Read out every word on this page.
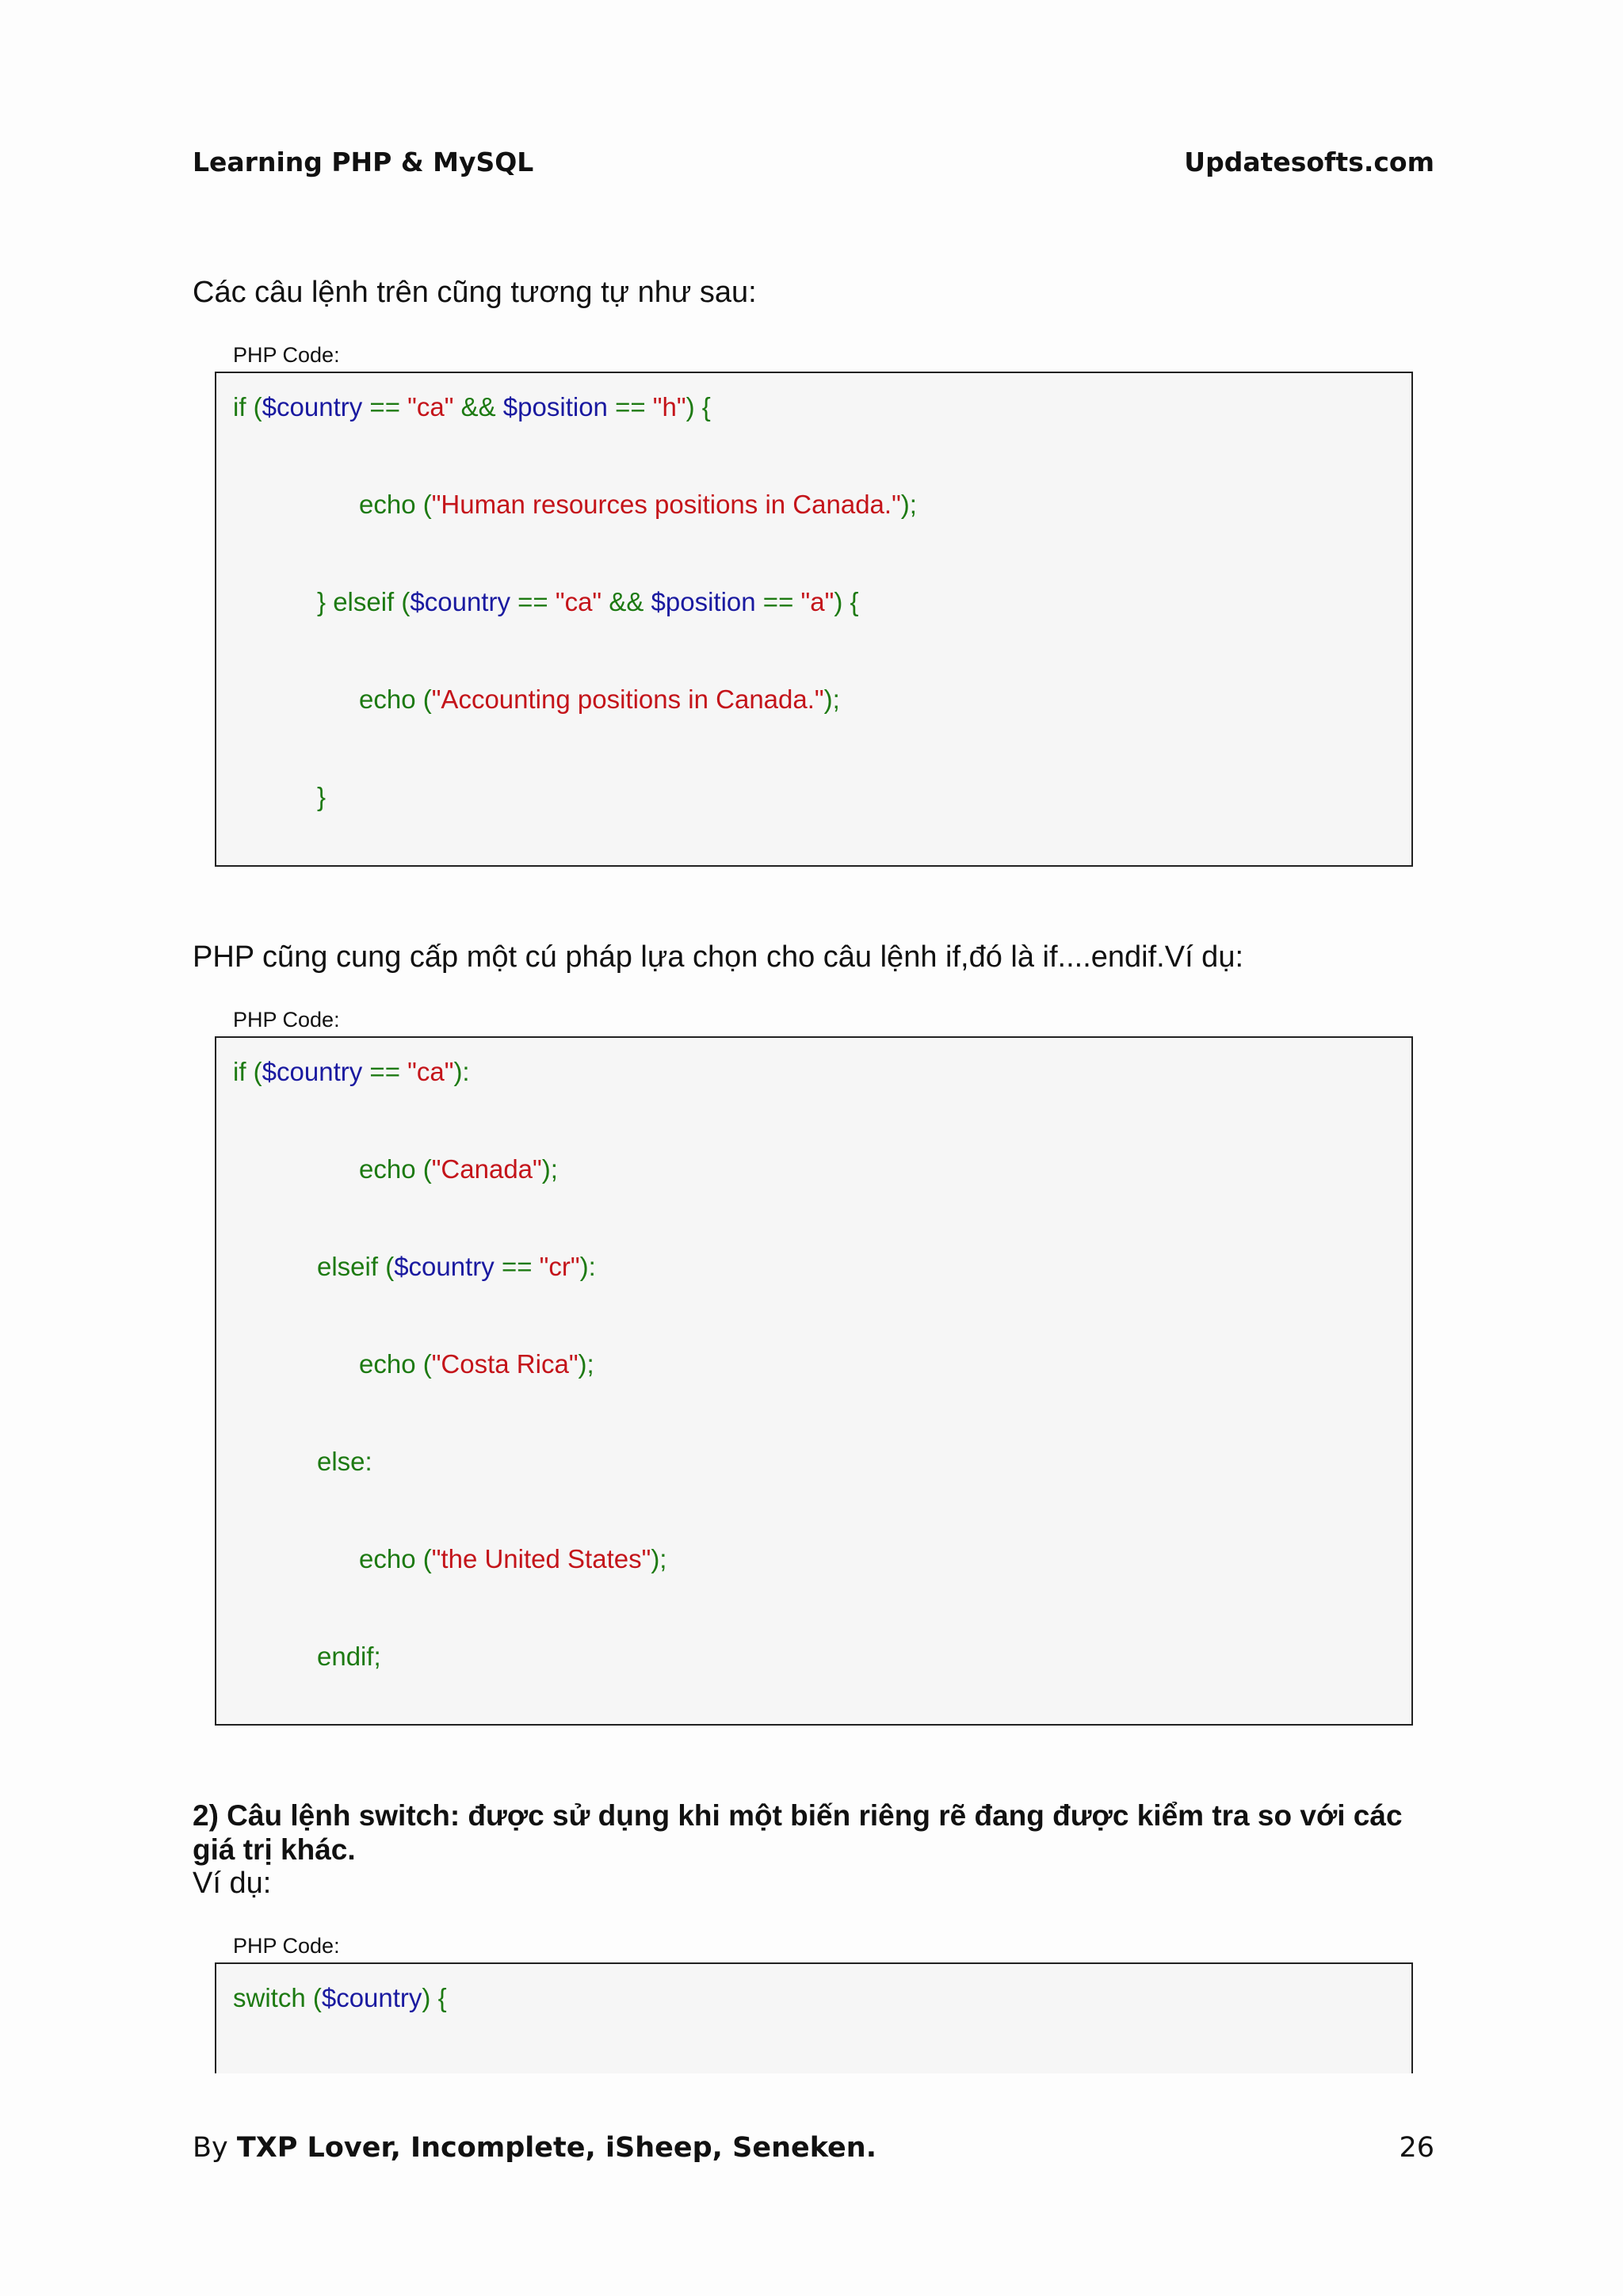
Learning PHP & MySQL	Updatesofts.com
Các câu lệnh trên cũng tương tự như sau:
PHP Code:
if ($country == "ca" && $position == "h") {
echo ("Human resources positions in Canada.");
} elseif ($country == "ca" && $position == "a") {
echo ("Accounting positions in Canada.");
}
PHP cũng cung cấp một cú pháp lựa chọn cho câu lệnh if,đó là if....endif.Ví dụ:
PHP Code:
if ($country == "ca"):
echo ("Canada");
elseif ($country == "cr"):
echo ("Costa Rica");
else:
echo ("the United States");
endif;
2) Câu lệnh switch: được sử dụng khi một biến riêng rẽ đang được kiểm tra so với các giá trị khác.
Ví dụ:
PHP Code:
switch ($country) {
By TXP Lover, Incomplete, iSheep, Seneken.	26
